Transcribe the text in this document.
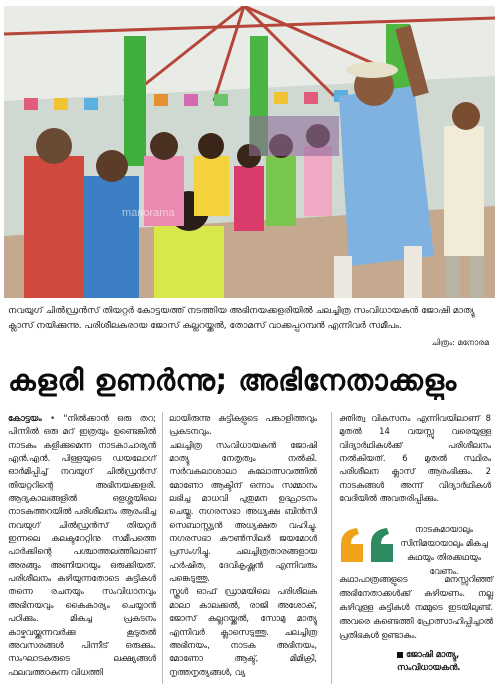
manorama
നവയുഗ് ചിൽഡ്രൻസ് തിയറ്റർ കോട്ടയത്ത് നടത്തിയ അഭിനയക്കളരിയിൽ ചലച്ചിത്ര സംവിധായകൻ ജോഷി മാത്യു ക്ലാസ് നയിക്കുന്നു. പരിശീലകരായ ജോസ് കല്ലറയ്ക്കൽ, തോമസ് വാക്കപ്പറമ്പൻ എന്നിവർ സമീപം.
ചിത്രം: മനോരമ
കളരി ഉണർന്നു; അഭിനേതാക്കളും

കോട്ടയം • "നിൽക്കാൻ ഒരു തറ; പിന്നിൽ ഒരു മറ് ഇത്രയും ഉണ്ടെങ്കിൽ നാടകം കളിക്കുമെന്ന നാടകാചാര്യൻ എൻ.എൻ. പിള്ളയുടെ ഡയലോഗ് ഓർമിപ്പിച്ച് നവയുഗ് ചിൽഡ്രൻസ് തിയറ്ററിന്റെ അഭിനയക്കളരി. ആദ്യകാലങ്ങളിൽ ഒളശ്ശയിലെ നാടകത്തറയിൽ പരിശീലനം ആരംഭിച്ച നവയുഗ് ചിൽഡ്രൻസ് തിയറ്റർ ഇന്നലെ കലക്ടറേറ്റിനു സമീപത്തെ പാർക്കിന്റെ പശ്ചാത്തലത്തിലാണ് അരങ്ങും അണിയറയും ഒരുക്കിയത്. പരിശീലനം കഴിയുന്നതോടെ കുട്ടികൾ തന്നെ രചനയും സംവിധാനവും അഭിനയവും കൈകാര്യം ചെയ്യാൻ പഠിക്കും. മികച്ച പ്രകടനം കാഴ്ചവയ്ക്കുന്നവർക്കു കൂടുതൽ അവസരങ്ങൾ പിന്നീട് ഒരുക്കും. സംഘാടകരുടെ ലക്ഷ്യങ്ങൾ ഫലവത്താകുന്ന വിധത്തി

ലായിരുന്നു കുട്ടികളുടെ പങ്കാളിത്തവും പ്രകടനവും.
ചലച്ചിത്ര സംവിധായകൻ ജോഷി മാത്യു നേതൃത്വം നൽകി. സർവകലാശാലാ കലോത്സവത്തിൽ മോണോ ആക്ടിന് ഒന്നാം സമ്മാനം ലഭിച്ച മാധവി പുതുമന ഉദ്ഘാടനം ചെയ്തു. നഗരസഭാ അധ്യക്ഷ ബിൻസി സെബാസ്റ്റ്യൻ അധ്യക്ഷത വഹിച്ചു. നഗരസഭാ കൗൺസിലർ ജയമോൾ പ്രസംഗിച്ചു. ചലച്ചിത്രതാരങ്ങളായ ഹർഷിത, ദേവികൃഷ്ണൻ എന്നിവരും പങ്കെടുത്തു.
സ്കൂൾ ഓഫ് ഡ്രാമയിലെ പരിശീലക മാലാ കാലക്കൽ, രാജി അശോക്, ജോസ് കല്ലറയ്ക്കൽ, സോമു മാത്യു എന്നിവർ ക്ലാസെടുത്തു. ചലച്ചിത്ര അഭിനയം, നാടക അഭിനയം, മോണോ ആക്ട്, മിമിക്രി, നൃത്തനൃത്യങ്ങൾ, വ്യ

ക്തിത്വ വികസനം എന്നിവയിലാണ് 8 മുതൽ 14 വയസ്സു വരെയുള്ള വിദ്യാർഥികൾക്ക് പരിശീലനം നൽകിയത്. 6 മുതൽ സ്ഥിരം പരിശീലന ക്ലാസ് ആരംഭിക്കും. 2 നാടകങ്ങൾ അന്ന് വിദ്യാർഥികൾ വേദിയിൽ അവതരിപ്പിക്കും.

നാടകമായാലും സിനിമയായാലും മികച്ച കഥയും തിരക്കഥയും വേണം.
കഥാപാത്രങ്ങളുടെ മനസ്സറിഞ്ഞ് അഭിനേതാക്കൾക്ക് കഴിയണം. നല്ല കഴിവുള്ള കുട്ടികൾ നമ്മുടെ ഇടയിലുണ്ട്. അവരെ കണ്ടെത്തി പ്രോത്സാഹിപ്പിച്ചാൽ പ്രതിഭകൾ ഉണ്ടാകും.
ജോഷി മാത്യു,
സംവിധായകൻ.
